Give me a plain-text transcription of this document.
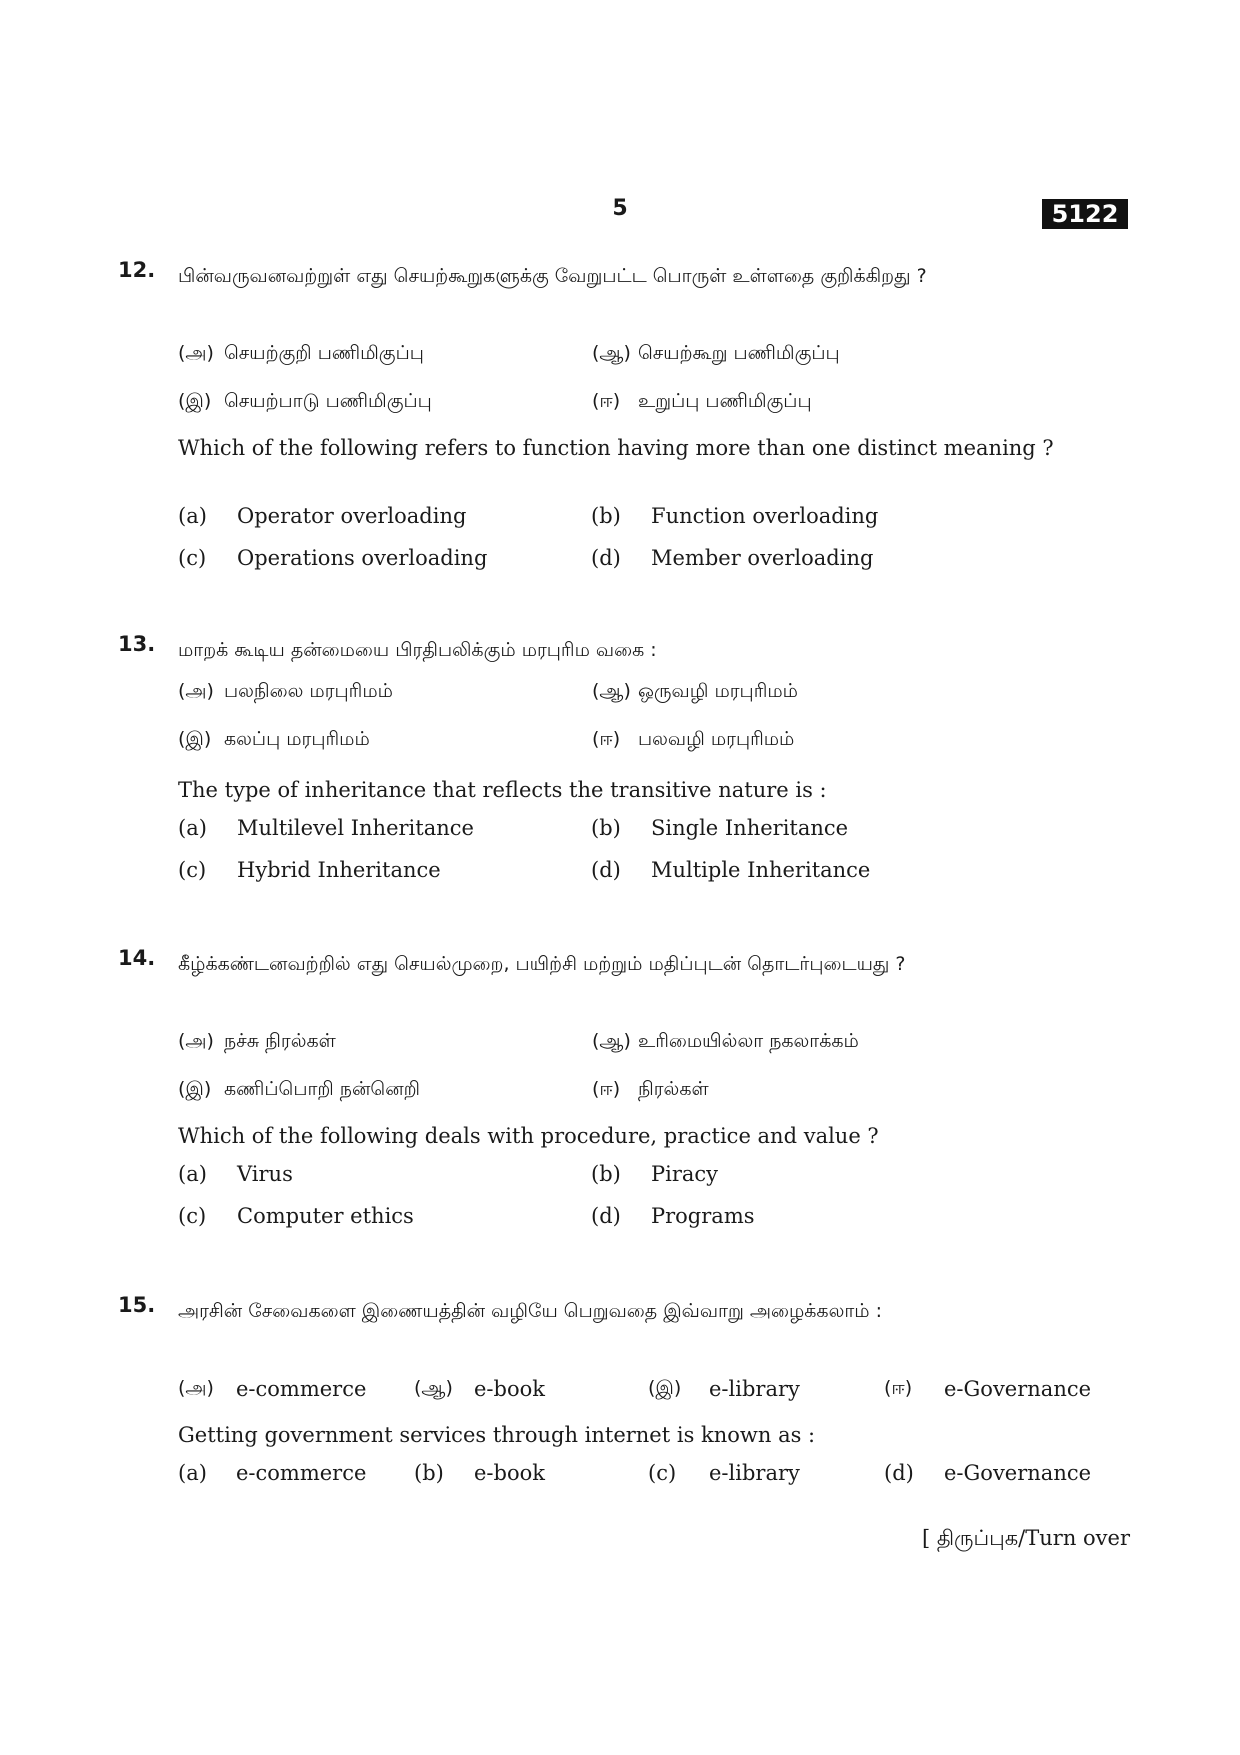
5	5122
12. பின்வருவனவற்றுள் எது செயற்கூறுகளுக்கு வேறுபட்ட பொருள் உள்ளதை குறிக்கிறது ?
(அ) செயற்குறி பணிமிகுப்பு	(ஆ) செயற்கூறு பணிமிகுப்பு
(இ) செயற்பாடு பணிமிகுப்பு	(ஈ) உறுப்பு பணிமிகுப்பு
Which of the following refers to function having more than one distinct meaning ?
(a) Operator overloading	(b) Function overloading
(c) Operations overloading	(d) Member overloading
13. மாறக் கூடிய தன்மையை பிரதிபலிக்கும் மரபுரிம வகை :
(அ) பலநிலை மரபுரிமம்	(ஆ) ஒருவழி மரபுரிமம்
(இ) கலப்பு மரபுரிமம்	(ஈ) பலவழி மரபுரிமம்
The type of inheritance that reflects the transitive nature is :
(a) Multilevel Inheritance	(b) Single Inheritance
(c) Hybrid Inheritance	(d) Multiple Inheritance
14. கீழ்க்கண்டனவற்றில் எது செயல்முறை, பயிற்சி மற்றும் மதிப்புடன் தொடர்புடையது ?
(அ) நச்சு நிரல்கள்	(ஆ) உரிமையில்லா நகலாக்கம்
(இ) கணிப்பொறி நன்னெறி	(ஈ) நிரல்கள்
Which of the following deals with procedure, practice and value ?
(a) Virus	(b) Piracy
(c) Computer ethics	(d) Programs
15. அரசின் சேவைகளை இணையத்தின் வழியே பெறுவதை இவ்வாறு அழைக்கலாம் :
(அ) e-commerce	(ஆ) e-book	(இ) e-library	(ஈ) e-Governance
Getting government services through internet is known as :
(a) e-commerce (b) e-book	(c) e-library	(d) e-Governance
[ திருப்புக/Turn over
